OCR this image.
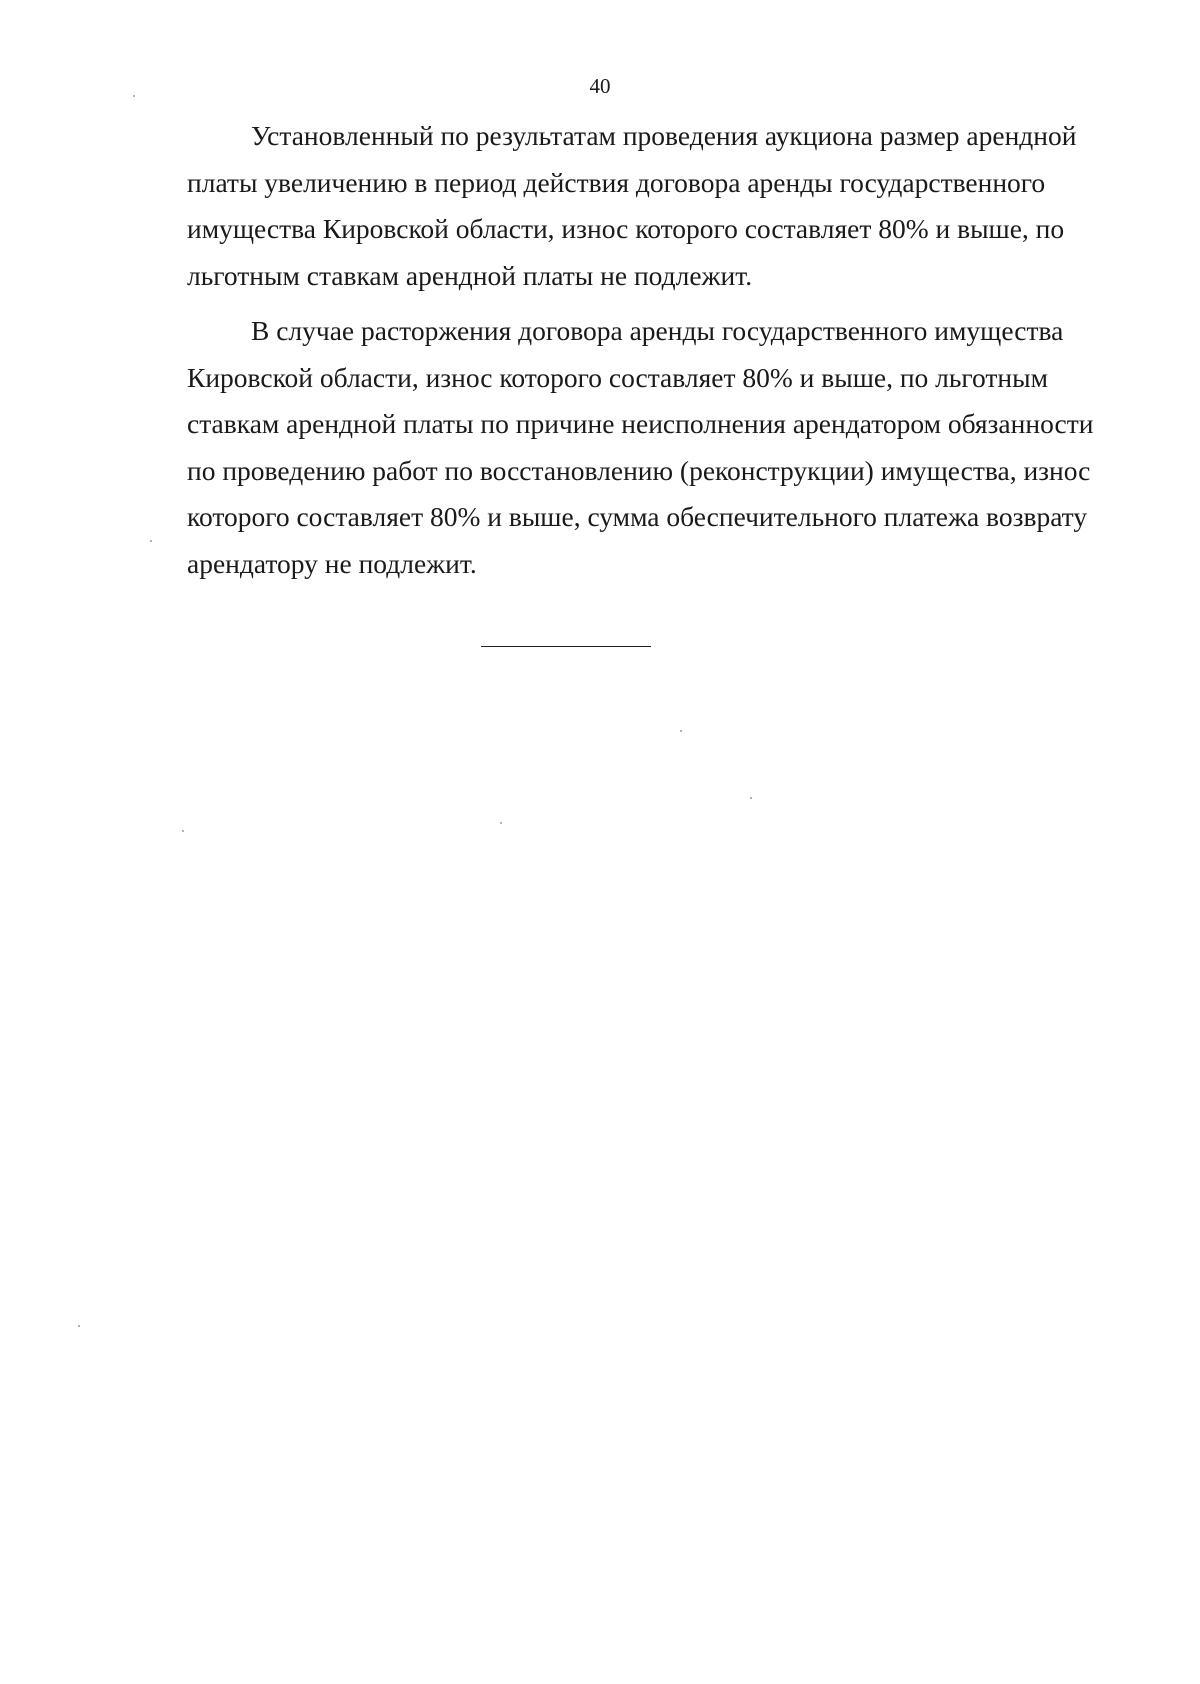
40

Установленный по результатам проведения аукциона размер арендной
платы увеличению в период действия договора аренды государственного
имущества Кировской области, износ которого составляет 80% и выше, по
льготным ставкам арендной платы не подлежит.

В случае расторжения договора аренды государственного имущества
Кировской области, износ которого составляет 80% и выше, по льготным
ставкам арендной платы по причине неисполнения арендатором обязанности
по проведению работ по восстановлению (реконструкции) имущества, износ
которого составляет 80% и выше, сумма обеспечительного платежа возврату
арендатору не подлежит.
